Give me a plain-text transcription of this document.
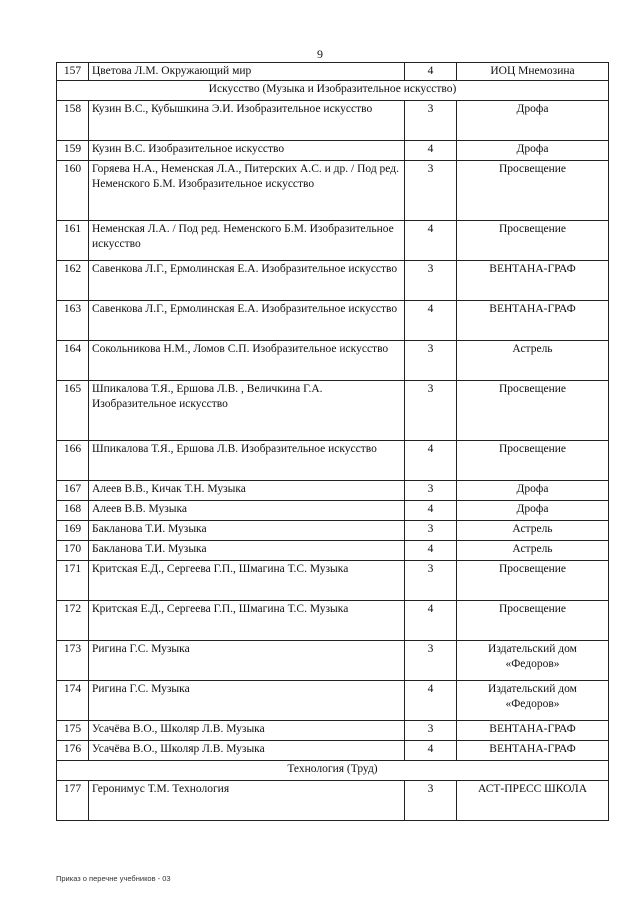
9
157	Цветова Л.М. Окружающий мир	4	ИОЦ Мнемозина
Искусство (Музыка и Изобразительное искусство)			
158	Кузин В.С., Кубышкина Э.И. Изобразительное искусство	3	Дрофа
159	Кузин В.С. Изобразительное искусство	4	Дрофа
160	Горяева Н.А., Неменская Л.А., Питерских А.С. и др. / Под ред. Неменского Б.М. Изобразительное искусство	3	Просвещение
161	Неменская Л.А. / Под ред. Неменского Б.М. Изобразительное искусство	4	Просвещение
162	Савенкова Л.Г., Ермолинская Е.А. Изобразительное искусство	3	ВЕНТАНА-ГРАФ
163	Савенкова Л.Г., Ермолинская Е.А. Изобразительное искусство	4	ВЕНТАНА-ГРАФ
164	Сокольникова Н.М., Ломов С.П. Изобразительное искусство	3	Астрель
165	Шпикалова Т.Я., Ершова Л.В. , Величкина Г.А. Изобразительное искусство	3	Просвещение
166	Шпикалова Т.Я., Ершова Л.В. Изобразительное искусство	4	Просвещение
167	Алеев В.В., Кичак Т.Н. Музыка	3	Дрофа
168	Алеев В.В. Музыка	4	Дрофа
169	Бакланова Т.И. Музыка	3	Астрель
170	Бакланова Т.И. Музыка	4	Астрель
171	Критская Е.Д., Сергеева Г.П., Шмагина Т.С. Музыка	3	Просвещение
172	Критская Е.Д., Сергеева Г.П., Шмагина Т.С. Музыка	4	Просвещение
173	Ригина Г.С. Музыка	3	Издательский дом «Федоров»
174	Ригина Г.С. Музыка	4	Издательский дом «Федоров»
175	Усачёва В.О., Школяр Л.В. Музыка	3	ВЕНТАНА-ГРАФ
176	Усачёва В.О., Школяр Л.В. Музыка	4	ВЕНТАНА-ГРАФ
Технология (Труд)			
177	Геронимус Т.М. Технология	3	АСТ-ПРЕСС ШКОЛА
Приказ о перечне учебников - 03
